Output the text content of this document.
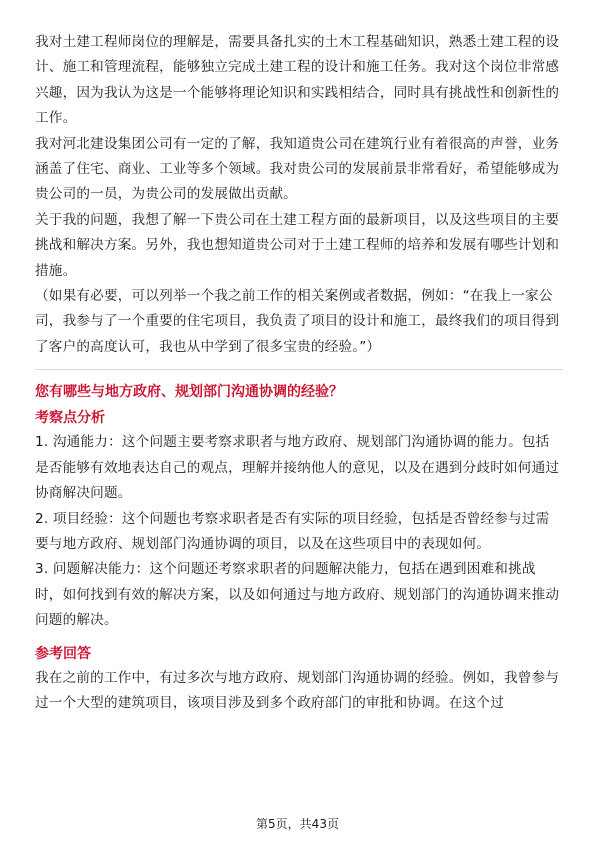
我对土建工程师岗位的理解是，需要具备扎实的土木工程基础知识，熟悉土建工程的设计、施工和管理流程，能够独立完成土建工程的设计和施工任务。我对这个岗位非常感兴趣，因为我认为这是一个能够将理论知识和实践相结合，同时具有挑战性和创新性的工作。

我对河北建设集团公司有一定的了解，我知道贵公司在建筑行业有着很高的声誉，业务涵盖了住宅、商业、工业等多个领域。我对贵公司的发展前景非常看好，希望能够成为贵公司的一员，为贵公司的发展做出贡献。

关于我的问题，我想了解一下贵公司在土建工程方面的最新项目，以及这些项目的主要挑战和解决方案。另外，我也想知道贵公司对于土建工程师的培养和发展有哪些计划和措施。

（如果有必要，可以列举一个我之前工作的相关案例或者数据，例如：“在我上一家公司，我参与了一个重要的住宅项目，我负责了项目的设计和施工，最终我们的项目得到了客户的高度认可，我也从中学到了很多宝贵的经验。”）

您有哪些与地方政府、规划部门沟通协调的经验？

考察点分析

1. 沟通能力：这个问题主要考察求职者与地方政府、规划部门沟通协调的能力。包括是否能够有效地表达自己的观点，理解并接纳他人的意见，以及在遇到分歧时如何通过协商解决问题。

2. 项目经验：这个问题也考察求职者是否有实际的项目经验，包括是否曾经参与过需要与地方政府、规划部门沟通协调的项目，以及在这些项目中的表现如何。

3. 问题解决能力：这个问题还考察求职者的问题解决能力，包括在遇到困难和挑战时，如何找到有效的解决方案，以及如何通过与地方政府、规划部门的沟通协调来推动问题的解决。

参考回答

我在之前的工作中，有过多次与地方政府、规划部门沟通协调的经验。例如，我曾参与过一个大型的建筑项目，该项目涉及到多个政府部门的审批和协调。在这个过

第5页，共43页
